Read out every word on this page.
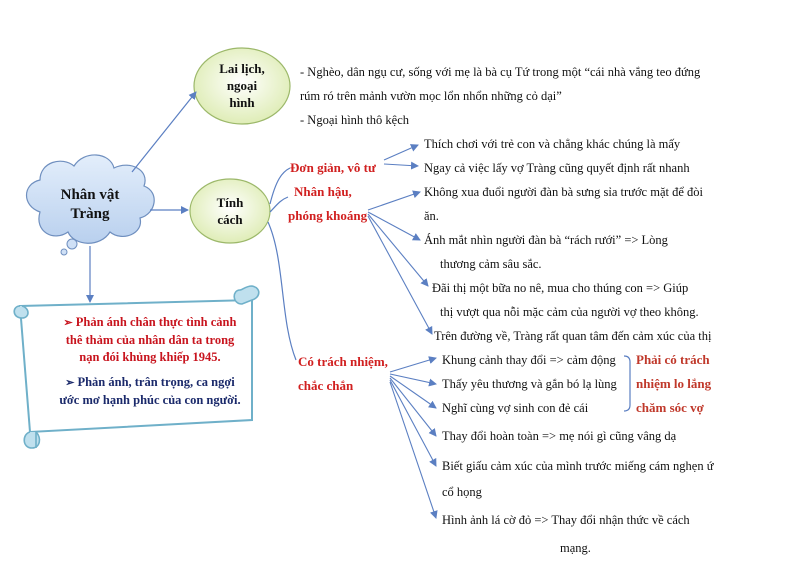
Nhân vật
Tràng
Lai lịch,
ngoại
hình
Tính
cách
- Nghèo, dân ngụ cư, sống với mẹ là bà cụ Tứ trong một “cái nhà vắng teo đứng
rúm ró trên mảnh vườn mọc lổn nhổn những cỏ dại”
- Ngoại hình thô kệch
Đơn giản, vô tư
Nhân hậu,
phóng khoáng
Có trách nhiệm,
chắc chắn
Thích chơi với trẻ con và chẳng khác chúng là mấy
Ngay cả việc lấy vợ Tràng cũng quyết định rất nhanh
Không xua đuổi người đàn bà sưng sỉa trước mặt để đòi
ăn.
Ánh mắt nhìn người đàn bà “rách rưới” => Lòng
thương cảm sâu sắc.
Đãi thị một bữa no nê, mua cho thúng con => Giúp
thị vượt qua nỗi mặc cảm của người vợ theo không.
Trên đường về, Tràng rất quan tâm đến cảm xúc của thị
Khung cảnh thay đổi => cảm động
Thấy yêu thương và gắn bó lạ lùng
Nghĩ cùng vợ sinh con đẻ cái
Thay đổi hoàn toàn => mẹ nói gì cũng vâng dạ
Biết giấu cảm xúc của mình trước miếng cám nghẹn ứ
cổ họng
Hình ảnh lá cờ đỏ => Thay đổi nhận thức về cách
mạng.
Phải có trách
nhiệm lo lắng
chăm sóc vợ
➢ Phản ánh chân thực tình cảnh
thê thảm của nhân dân ta trong
nạn đói khủng khiếp 1945.
➢ Phản ánh, trân trọng, ca ngợi
ước mơ hạnh phúc của con người.
